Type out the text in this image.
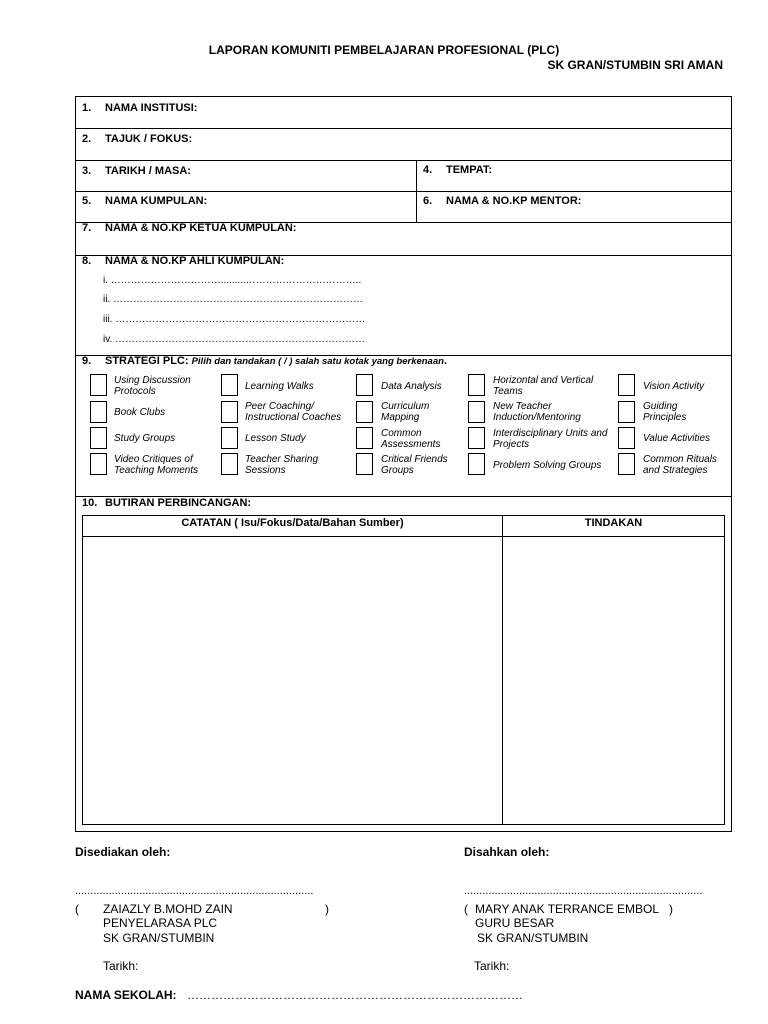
LAPORAN KOMUNITI PEMBELAJARAN PROFESIONAL (PLC)
SK GRAN/STUMBIN SRI AMAN
1. NAMA INSTITUSI:
2. TAJUK / FOKUS:
3. TARIKH / MASA:	4. TEMPAT:
5. NAMA KUMPULAN:	6. NAMA & NO.KP MENTOR:
7. NAMA & NO.KP KETUA KUMPULAN:
8. NAMA & NO.KP AHLI KUMPULAN:
i. …………………………….........……………………………..
ii. …………………………………………………………………
iii. …………………………………………………………………
iv. …………………………………………………………………
9. STRATEGI PLC: Pilih dan tandakan ( / ) salah satu kotak yang berkenaan.
Using Discussion Protocols
Book Clubs
Study Groups
Video Critiques of Teaching Moments
Learning Walks
Peer Coaching/ Instructional Coaches
Lesson Study
Teacher Sharing Sessions
Data Analysis
Curriculum Mapping
Common Assessments
Critical Friends Groups
Horizontal and Vertical Teams
New Teacher Induction/Mentoring
Interdisciplinary Units and Projects
Problem Solving Groups
Vision Activity
Guiding Principles
Value Activities
Common Rituals and Strategies
10. BUTIRAN PERBINCANGAN:
CATATAN ( Isu/Fokus/Data/Bahan Sumber)	TINDAKAN
Disediakan oleh:	Disahkan oleh:
..............................................................................	..............................................................................
( ZAIAZLY B.MOHD ZAIN	)
PENYELARASA PLC
SK GRAN/STUMBIN
Tarikh:
( MARY ANAK TERRANCE EMBOL )
GURU BESAR
SK GRAN/STUMBIN
Tarikh:
NAMA SEKOLAH: …………………………………………………………………………
